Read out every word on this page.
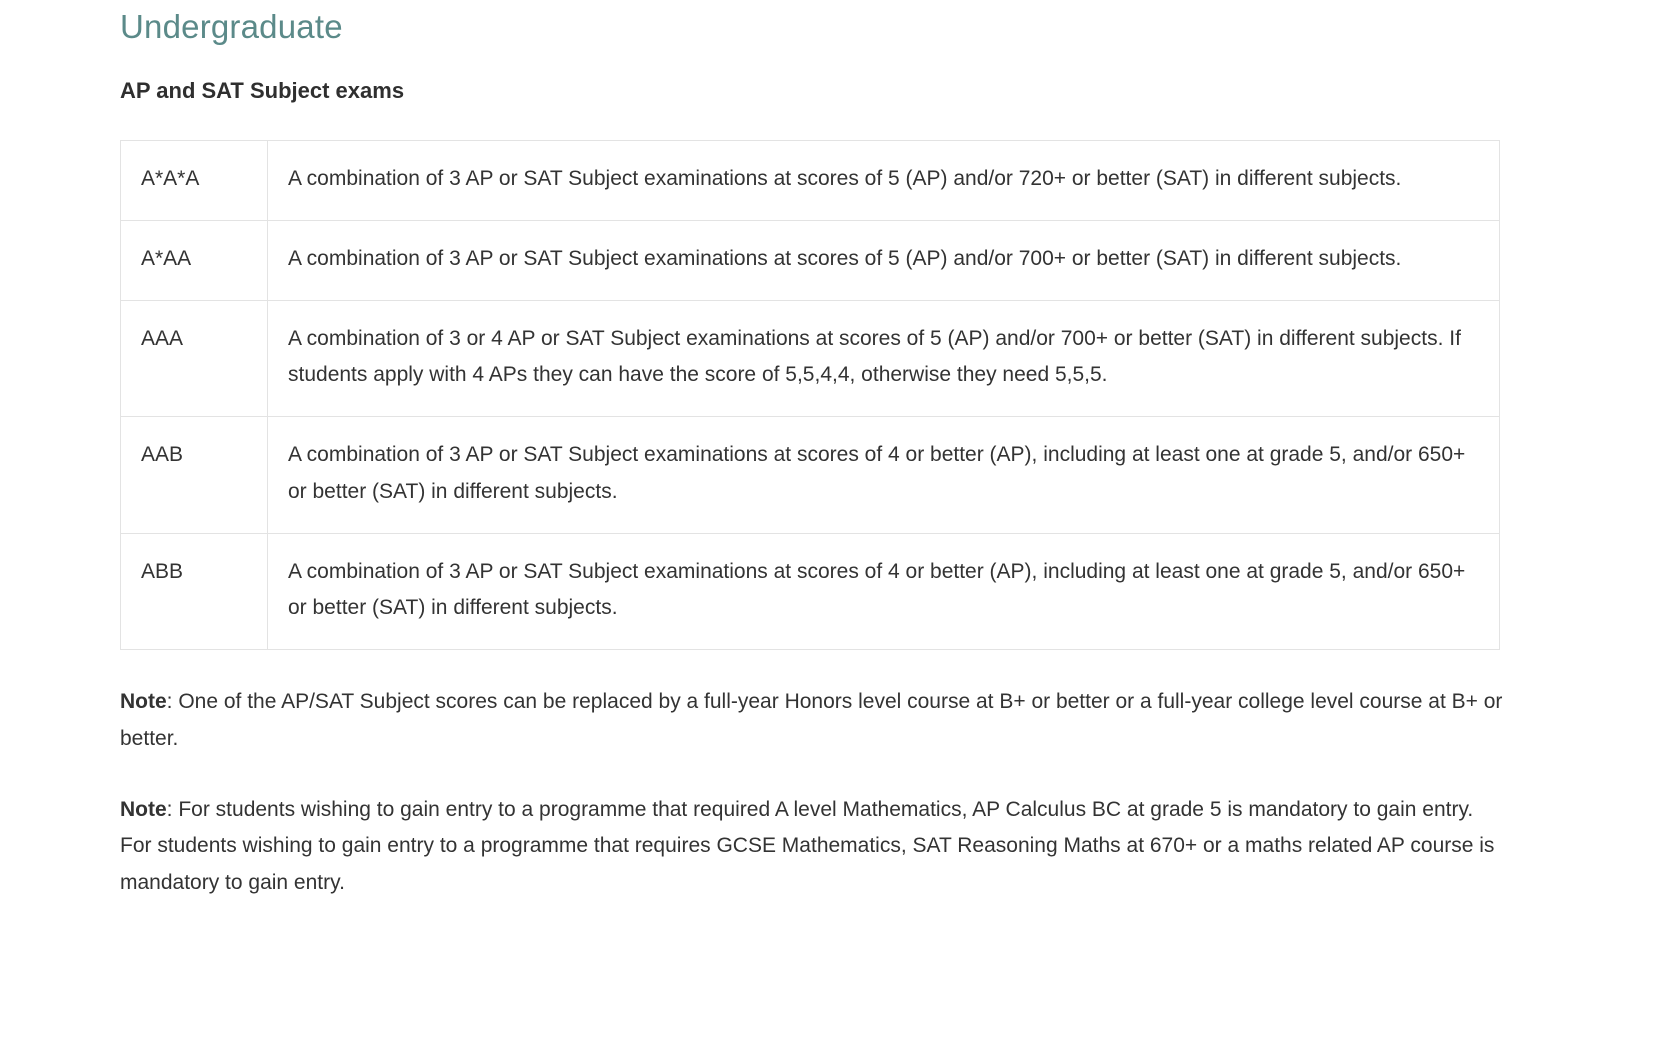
Undergraduate
AP and SAT Subject exams
A*A*A	A combination of 3 AP or SAT Subject examinations at scores of 5 (AP) and/or 720+ or better (SAT) in different subjects.
A*AA	A combination of 3 AP or SAT Subject examinations at scores of 5 (AP) and/or 700+ or better (SAT) in different subjects.
AAA	A combination of 3 or 4 AP or SAT Subject examinations at scores of 5 (AP) and/or 700+ or better (SAT) in different subjects. If students apply with 4 APs they can have the score of 5,5,4,4, otherwise they need 5,5,5.
AAB	A combination of 3 AP or SAT Subject examinations at scores of 4 or better (AP), including at least one at grade 5, and/or 650+ or better (SAT) in different subjects.
ABB	A combination of 3 AP or SAT Subject examinations at scores of 4 or better (AP), including at least one at grade 5, and/or 650+ or better (SAT) in different subjects.

Note: One of the AP/SAT Subject scores can be replaced by a full-year Honors level course at B+ or better or a full-year college level course at B+ or better.

Note: For students wishing to gain entry to a programme that required A level Mathematics, AP Calculus BC at grade 5 is mandatory to gain entry. For students wishing to gain entry to a programme that requires GCSE Mathematics, SAT Reasoning Maths at 670+ or a maths related AP course is mandatory to gain entry.
